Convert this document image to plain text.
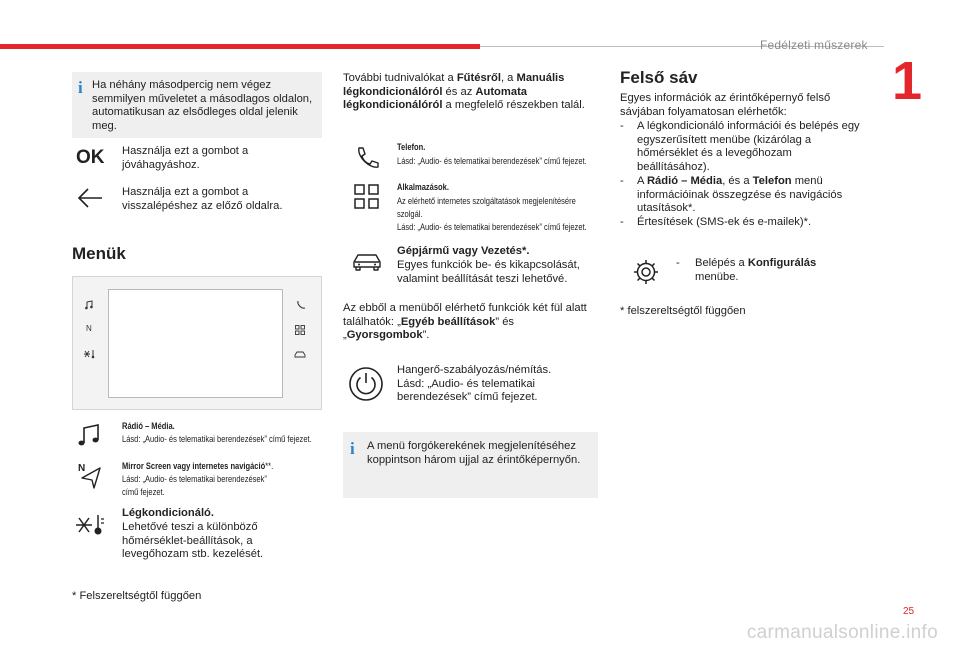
Fedélzeti műszerek
1
i Ha néhány másodpercig nem végez semmilyen műveletet a másodlagos oldalon, automatikusan az elsődleges oldal jelenik meg.
OK Használja ezt a gombot a jóváhagyáshoz.
Használja ezt a gombot a visszalépéshez az előző oldalra.
Menük
N
Rádió – Média.
Lásd: „Audio- és telematikai berendezések” című fejezet.
N	Mirror Screen vagy internetes navigáció**.
Lásd: „Audio- és telematikai berendezések”
című fejezet.
Légkondicionáló.
Lehetővé teszi a különböző hőmérséklet-beállítások, a levegőhozam stb. kezelését.
* Felszereltségtől függően
További tudnivalókat a Fűtésről, a Manuális légkondicionálóról és az Automata légkondicionálóról a megfelelő részekben talál.
Telefon.
Lásd: „Audio- és telematikai berendezések” című fejezet.
Alkalmazások.
Az elérhető internetes szolgáltatások megjelenítésére
szolgál.
Lásd: „Audio- és telematikai berendezések” című fejezet.
Gépjármű vagy Vezetés*.
Egyes funkciók be- és kikapcsolását, valamint beállítását teszi lehetővé.
Az ebből a menüből elérhető funkciók két fül alatt találhatók: „Egyéb beállítások” és „Gyorsgombok”.
Hangerő-szabályozás/némítás. Lásd: „Audio- és telematikai berendezések” című fejezet.
i A menü forgókerekének megjelenítéséhez koppintson három ujjal az érintőképernyőn.
Felső sáv
Egyes információk az érintőképernyő felső sávjában folyamatosan elérhetők:
- A légkondicionáló információi és belépés egy egyszerűsített menübe (kizárólag a hőmérséklet és a levegőhozam beállításához).
- A Rádió – Média, és a Telefon menü információinak összegzése és navigációs utasítások*.
- Értesítések (SMS-ek és e-mailek)*.
- Belépés a Konfigurálás menübe.
* felszereltségtől függően
25
carmanualsonline.info
